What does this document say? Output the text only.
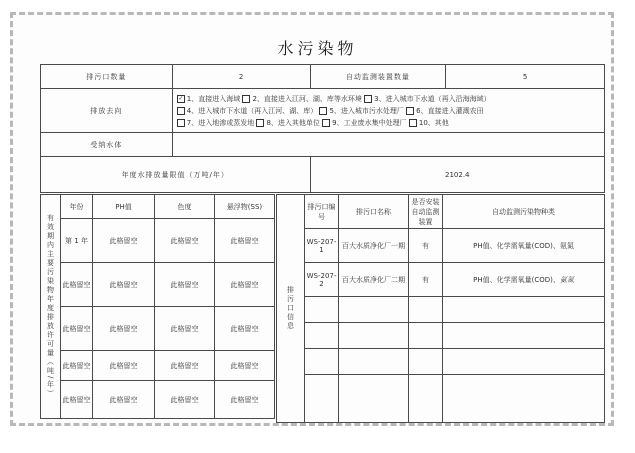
水污染物
排污口数量	2	自动监测装置数量	5
排放去向	✓ 1、直接进入海域 2、直接进入江河、湖、库等水环境 3、进入城市下水道（再入沿海海域）
4、进入城市下水道（再入江河、湖、库） 5、进入城市污水处理厂 6、直接进入灌溉农田
7、进入地渗或蒸发地 8、进入其他单位 9、工业废水集中处理厂 10、其他		
受纳水体			
年度水排放量限值（万吨/年）		2102.4	
有效期内主要污染物年度排放许可量（吨/年）	年份	PH值	色度	悬浮物(SS)
	第 1 年	此格留空	此格留空	此格留空
	此格留空	此格留空	此格留空	此格留空
	此格留空	此格留空	此格留空	此格留空
	此格留空	此格留空	此格留空	此格留空
	此格留空	此格留空	此格留空	此格留空
排污口信息	排污口编号	排污口名称	是否安装自动监测装置	自动监测污染物种类
	WS-207-1	百大水质净化厂一期	有	PH值、化学需氧量(COD)、氨氮
	WS-207-2	百大水质净化厂二期	有	PH值、化学需氧量(COD)、氨氮
